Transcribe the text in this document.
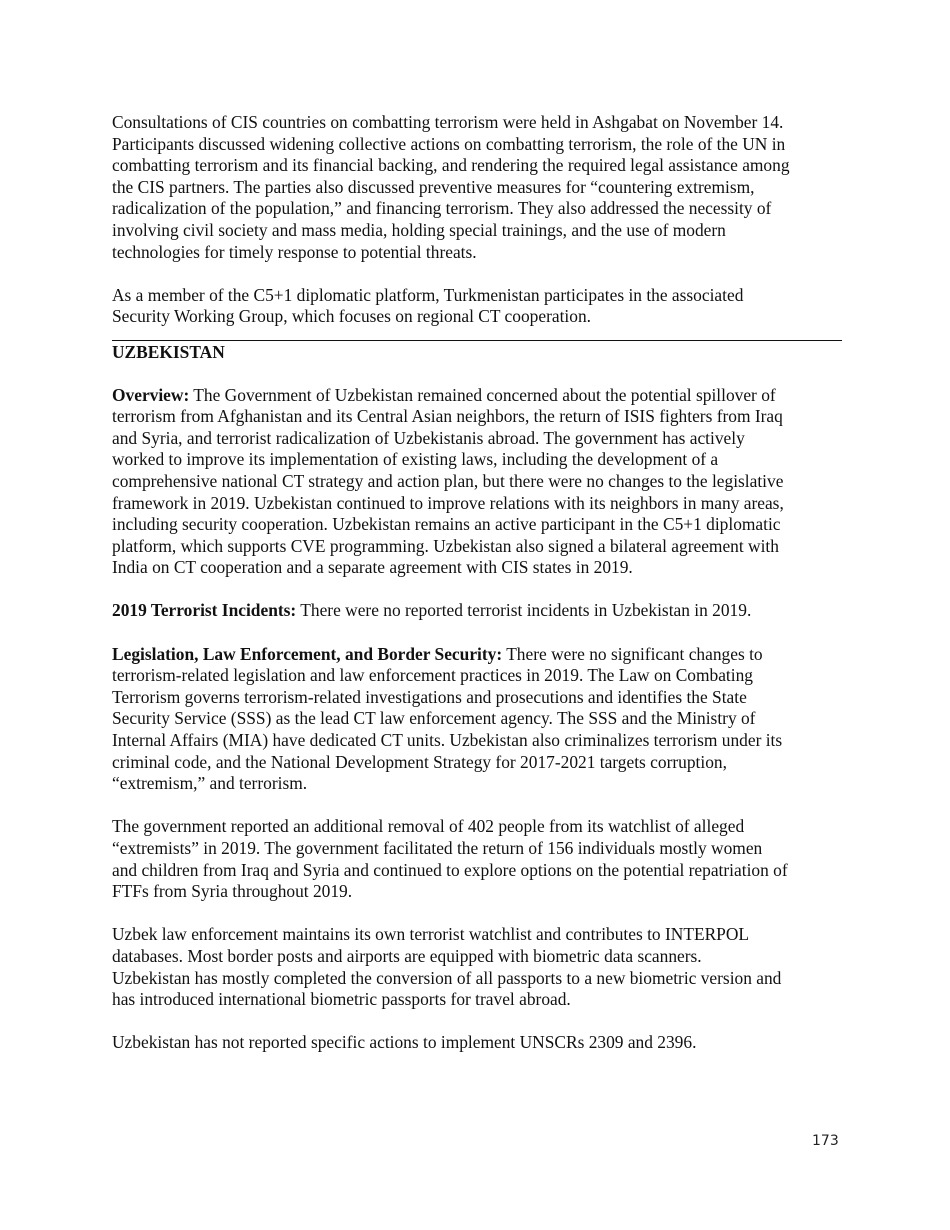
Consultations of CIS countries on combatting terrorism were held in Ashgabat on November 14.
Participants discussed widening collective actions on combatting terrorism, the role of the UN in
combatting terrorism and its financial backing, and rendering the required legal assistance among
the CIS partners. The parties also discussed preventive measures for “countering extremism,
radicalization of the population,” and financing terrorism. They also addressed the necessity of
involving civil society and mass media, holding special trainings, and the use of modern
technologies for timely response to potential threats.

As a member of the C5+1 diplomatic platform, Turkmenistan participates in the associated
Security Working Group, which focuses on regional CT cooperation.

UZBEKISTAN

Overview: The Government of Uzbekistan remained concerned about the potential spillover of
terrorism from Afghanistan and its Central Asian neighbors, the return of ISIS fighters from Iraq
and Syria, and terrorist radicalization of Uzbekistanis abroad. The government has actively
worked to improve its implementation of existing laws, including the development of a
comprehensive national CT strategy and action plan, but there were no changes to the legislative
framework in 2019. Uzbekistan continued to improve relations with its neighbors in many areas,
including security cooperation. Uzbekistan remains an active participant in the C5+1 diplomatic
platform, which supports CVE programming. Uzbekistan also signed a bilateral agreement with
India on CT cooperation and a separate agreement with CIS states in 2019.

2019 Terrorist Incidents: There were no reported terrorist incidents in Uzbekistan in 2019.

Legislation, Law Enforcement, and Border Security: There were no significant changes to
terrorism-related legislation and law enforcement practices in 2019. The Law on Combating
Terrorism governs terrorism-related investigations and prosecutions and identifies the State
Security Service (SSS) as the lead CT law enforcement agency. The SSS and the Ministry of
Internal Affairs (MIA) have dedicated CT units. Uzbekistan also criminalizes terrorism under its
criminal code, and the National Development Strategy for 2017-2021 targets corruption,
“extremism,” and terrorism.

The government reported an additional removal of 402 people from its watchlist of alleged
“extremists” in 2019. The government facilitated the return of 156 individuals mostly women
and children from Iraq and Syria and continued to explore options on the potential repatriation of
FTFs from Syria throughout 2019.

Uzbek law enforcement maintains its own terrorist watchlist and contributes to INTERPOL
databases. Most border posts and airports are equipped with biometric data scanners.
Uzbekistan has mostly completed the conversion of all passports to a new biometric version and
has introduced international biometric passports for travel abroad.

Uzbekistan has not reported specific actions to implement UNSCRs 2309 and 2396.

173
